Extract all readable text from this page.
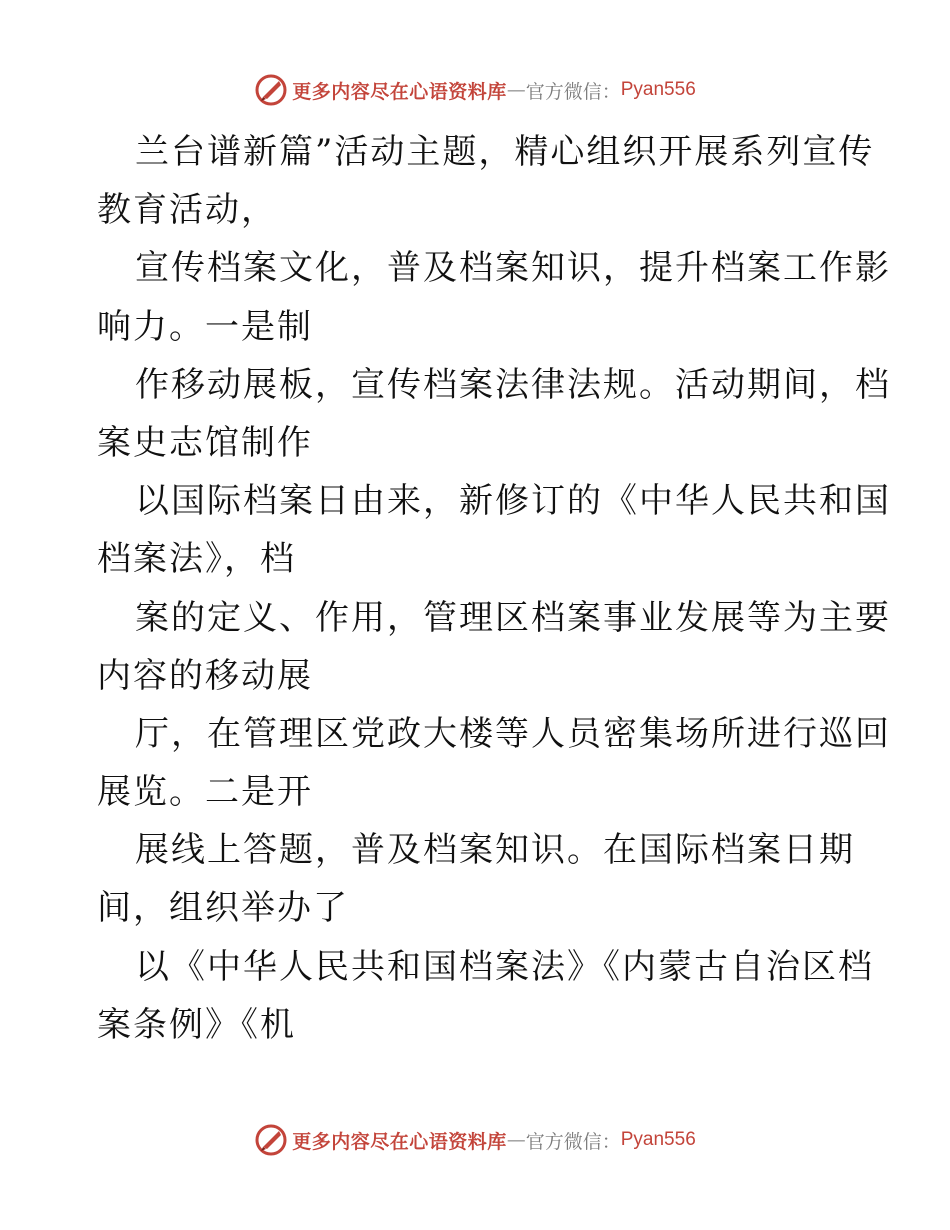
更多内容尽在心语资料库 — 官方微信： Pyan556
兰台谱新篇”活动主题，精心组织开展系列宣传
教育活动，
宣传档案文化，普及档案知识，提升档案工作影
响力。一是制
作移动展板，宣传档案法律法规。活动期间，档
案史志馆制作
以国际档案日由来，新修订的《中华人民共和国
档案法》，档
案的定义、作用，管理区档案事业发展等为主要
内容的移动展
厅，在管理区党政大楼等人员密集场所进行巡回
展览。二是开
展线上答题，普及档案知识。在国际档案日期
间，组织举办了
以《中华人民共和国档案法》《内蒙古自治区档
案条例》《机
更多内容尽在心语资料库 — 官方微信： Pyan556
